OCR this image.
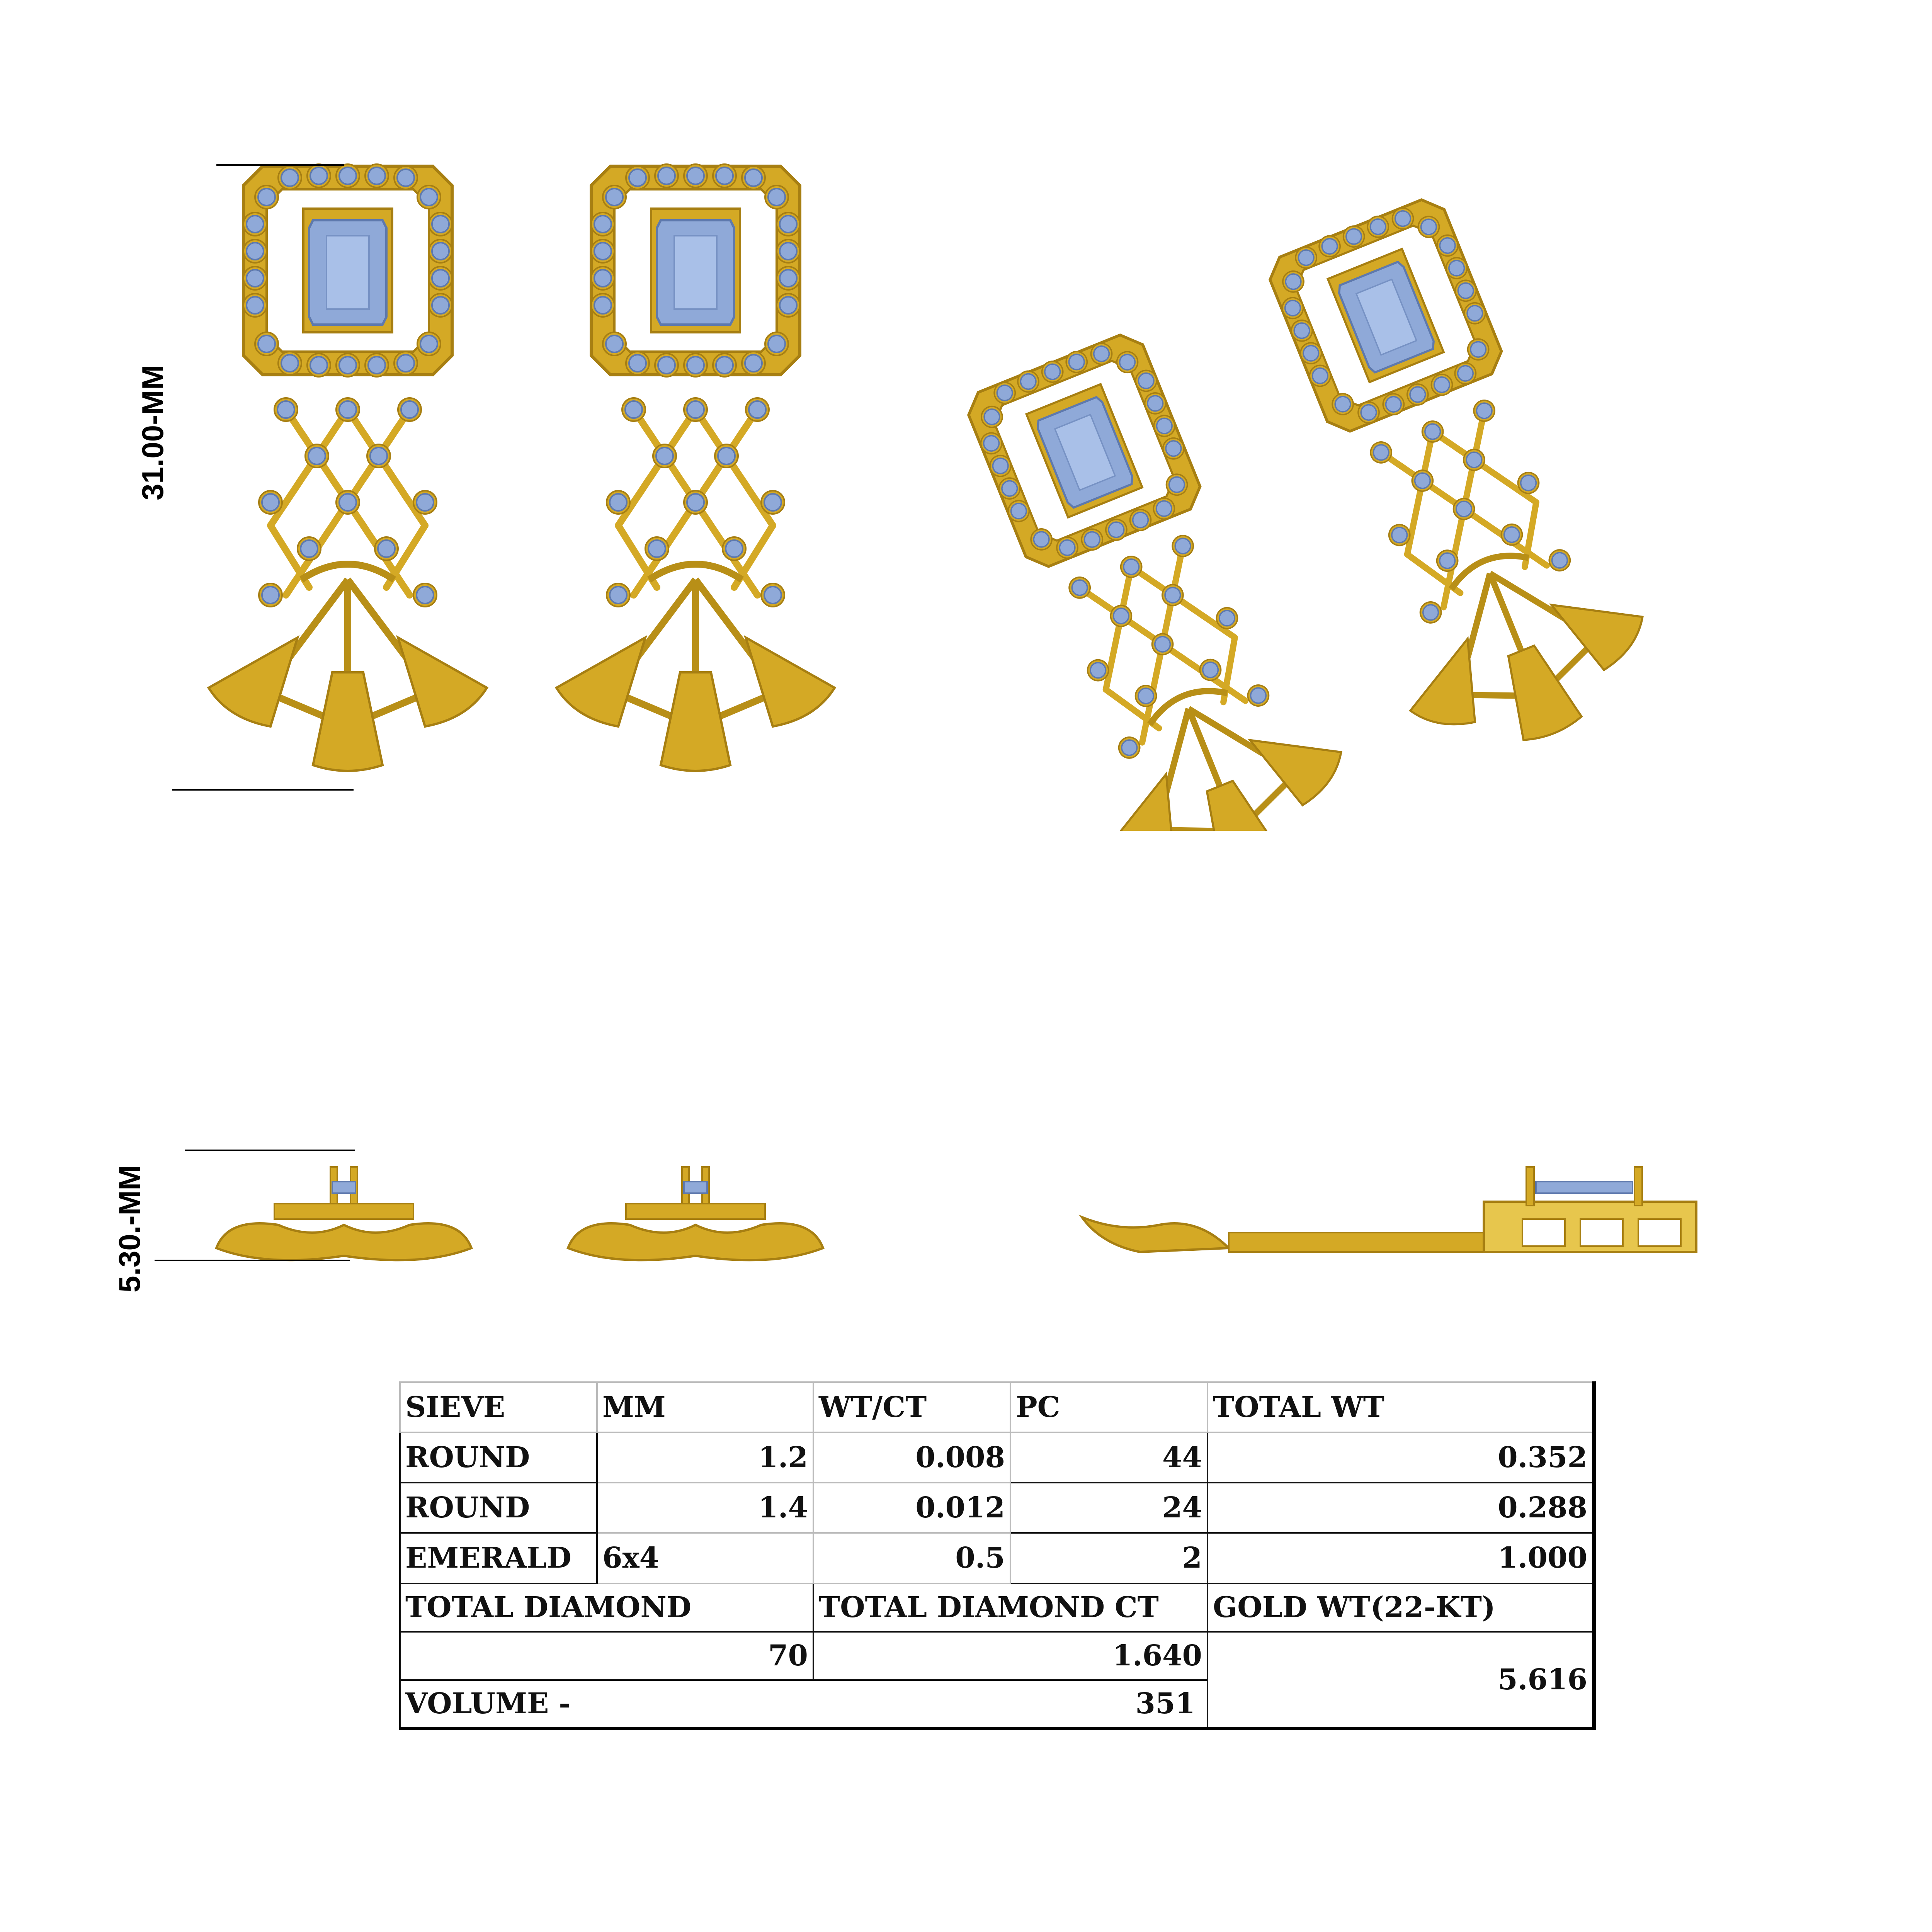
31.00-MM
5.30.-MM
SIEVE	MM	WT/CT	PC	TOTAL WT
ROUND	1.2	0.008	44	0.352
ROUND	1.4	0.012	24	0.288
EMERALD	6x4	0.5	2	1.000
TOTAL DIAMOND		TOTAL DIAMOND CT		GOLD WT(22-KT)
70		1.640		5.616
VOLUME - 351				
